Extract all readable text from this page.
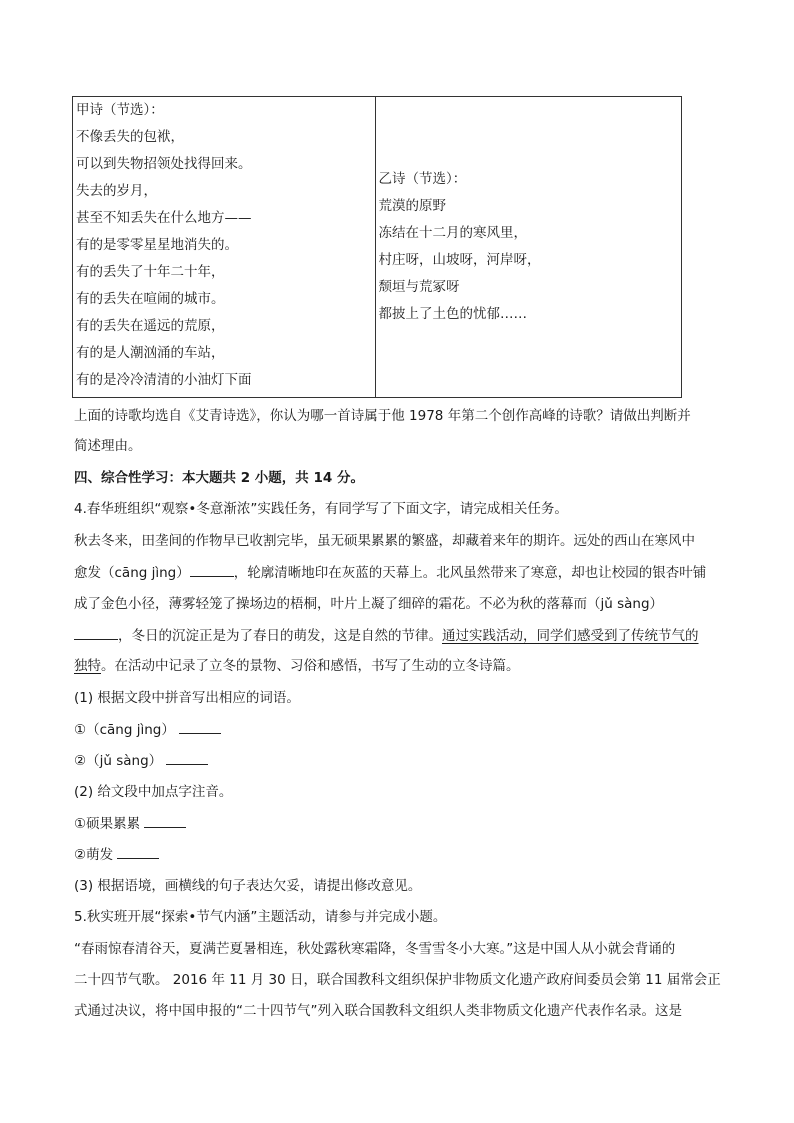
甲诗（节选）：
不像丢失的包袱，
可以到失物招领处找得回来。
失去的岁月，
甚至不知丢失在什么地方——
有的是零零星星地消失的。
有的丢失了十年二十年，
有的丢失在喧闹的城市。
有的丢失在遥远的荒原，
有的是人潮汹涌的车站，
有的是冷冷清清的小油灯下面

乙诗（节选）：
荒漠的原野
冻结在十二月的寒风里，
村庄呀，山坡呀，河岸呀，
颓垣与荒冢呀
都披上了土色的忧郁……
上面的诗歌均选自《艾青诗选》，你认为哪一首诗属于他 1978 年第二个创作高峰的诗歌？请做出判断并
简述理由。
四、综合性学习：本大题共 2 小题，共 14 分。
4.春华班组织“观察•冬意渐浓”实践任务，有同学写了下面文字，请完成相关任务。
秋去冬来，田垄间的作物早已收割完毕，虽无硕果累累的繁盛，却藏着来年的期许。远处的西山在寒风中
愈发（cāng jìng）	，轮廓清晰地印在灰蓝的天幕上。北风虽然带来了寒意，却也让校园的银杏叶铺
成了金色小径，薄雾轻笼了操场边的梧桐，叶片上凝了细碎的霜花。不必为秋的落幕而（jǔ sàng）
，冬日的沉淀正是为了春日的萌发，这是自然的节律。通过实践活动，同学们感受到了传统节气的
独特。在活动中记录了立冬的景物、习俗和感悟，书写了生动的立冬诗篇。
(1) 根据文段中拼音写出相应的词语。
①（cāng jìng）
②（jǔ sàng）
(2) 给文段中加点字注音。
①硕果累累
②萌发
(3) 根据语境，画横线的句子表达欠妥，请提出修改意见。
5.秋实班开展“探索•节气内涵”主题活动，请参与并完成小题。
“春雨惊春清谷天，夏满芒夏暑相连，秋处露秋寒霜降，冬雪雪冬小大寒。”这是中国人从小就会背诵的
二十四节气歌。 2016 年 11 月 30 日，联合国教科文组织保护非物质文化遗产政府间委员会第 11 届常会正
式通过决议，将中国申报的“二十四节气”列入联合国教科文组织人类非物质文化遗产代表作名录。这是
